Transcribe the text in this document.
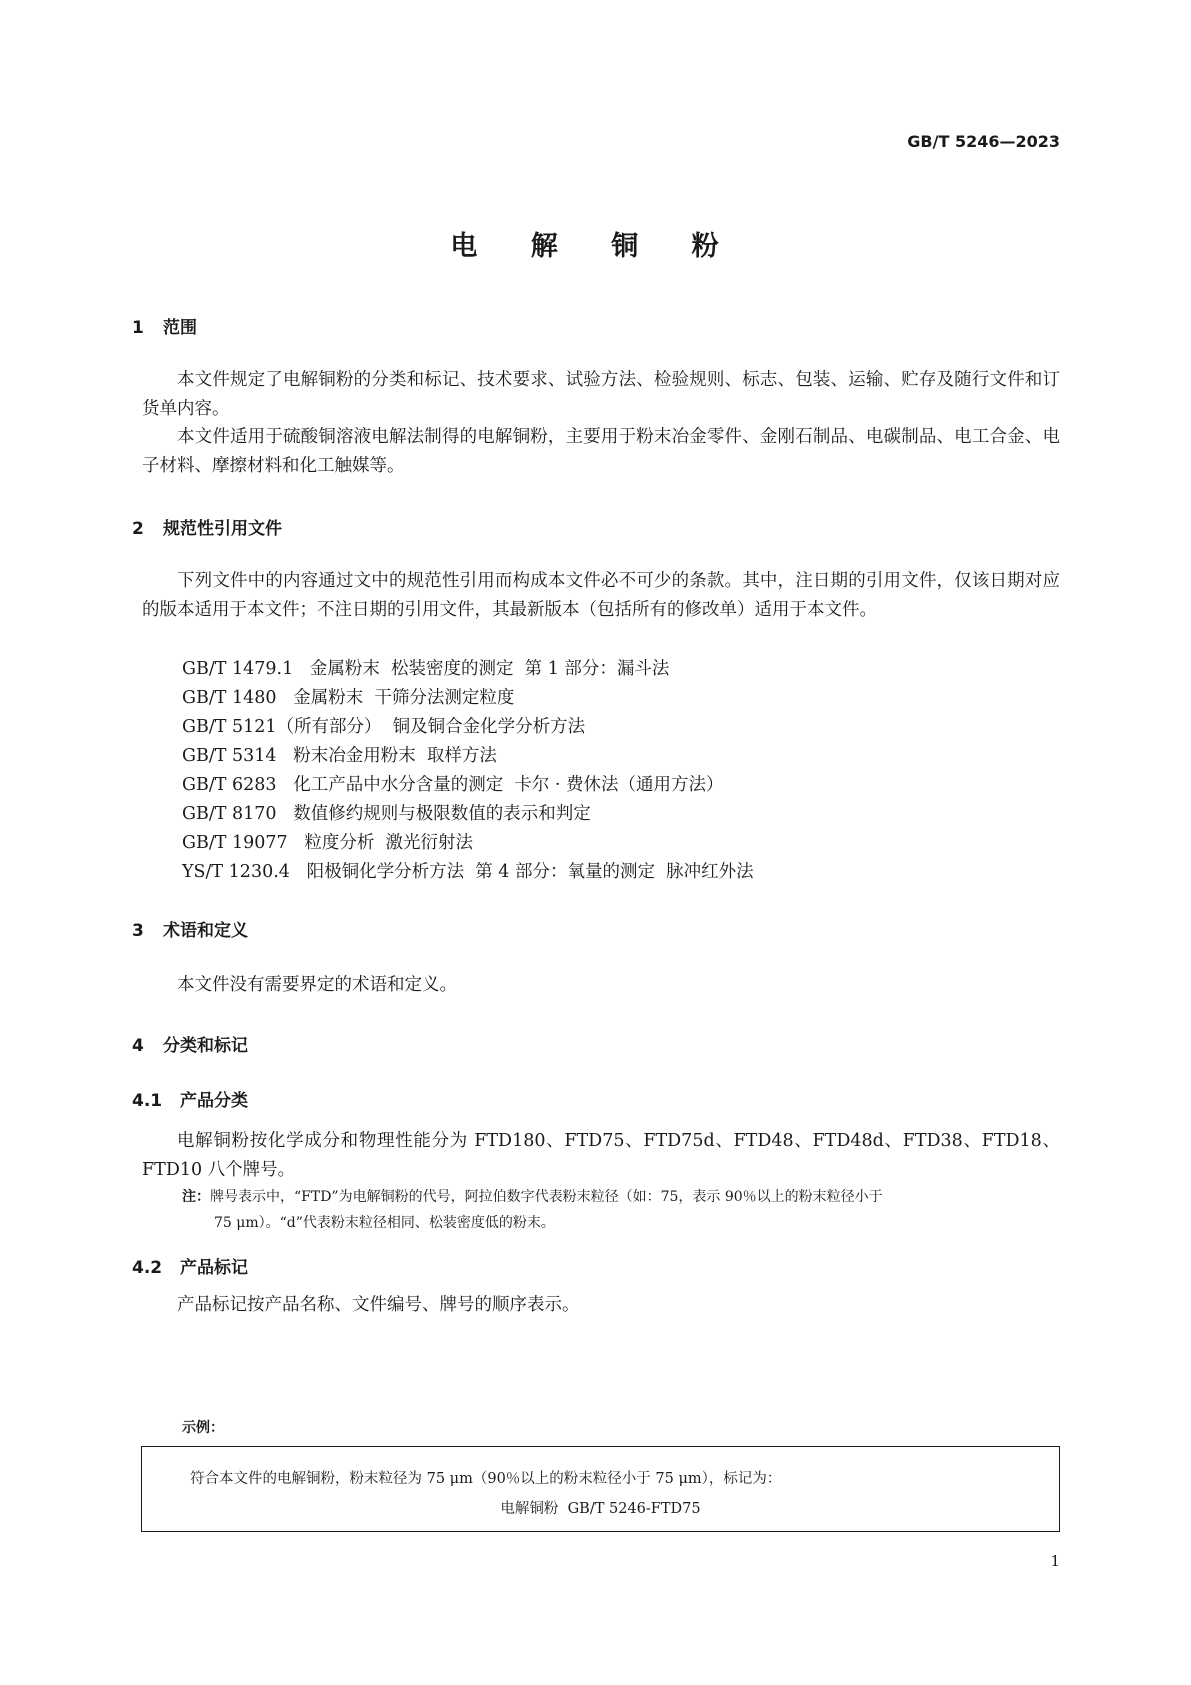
GB/T 5246—2023
电 解 铜 粉
1 范围
本文件规定了电解铜粉的分类和标记、技术要求、试验方法、检验规则、标志、包装、运输、贮存及随行文件和订货单内容。
本文件适用于硫酸铜溶液电解法制得的电解铜粉，主要用于粉末冶金零件、金刚石制品、电碳制品、电工合金、电子材料、摩擦材料和化工触媒等。
2 规范性引用文件
下列文件中的内容通过文中的规范性引用而构成本文件必不可少的条款。其中，注日期的引用文件，仅该日期对应的版本适用于本文件；不注日期的引用文件，其最新版本（包括所有的修改单）适用于本文件。
GB/T 1479.1   金属粉末  松装密度的测定  第 1 部分：漏斗法
GB/T 1480   金属粉末  干筛分法测定粒度
GB/T 5121（所有部分）  铜及铜合金化学分析方法
GB/T 5314   粉末冶金用粉末  取样方法
GB/T 6283   化工产品中水分含量的测定  卡尔 · 费休法（通用方法）
GB/T 8170   数值修约规则与极限数值的表示和判定
GB/T 19077   粒度分析  激光衍射法
YS/T 1230.4   阳极铜化学分析方法  第 4 部分：氧量的测定  脉冲红外法
3 术语和定义
本文件没有需要界定的术语和定义。
4 分类和标记
4.1 产品分类
电解铜粉按化学成分和物理性能分为 FTD180、FTD75、FTD75d、FTD48、FTD48d、FTD38、FTD18、FTD10 八个牌号。
注：牌号表示中，“FTD”为电解铜粉的代号，阿拉伯数字代表粉末粒径（如：75，表示 90％以上的粉末粒径小于
75 μm）。“d”代表粉末粒径相同、松装密度低的粉末。
4.2 产品标记
产品标记按产品名称、文件编号、牌号的顺序表示。
示例：
符合本文件的电解铜粉，粉末粒径为 75 μm（90％以上的粉末粒径小于 75 μm），标记为：
电解铜粉  GB/T 5246-FTD75
1
